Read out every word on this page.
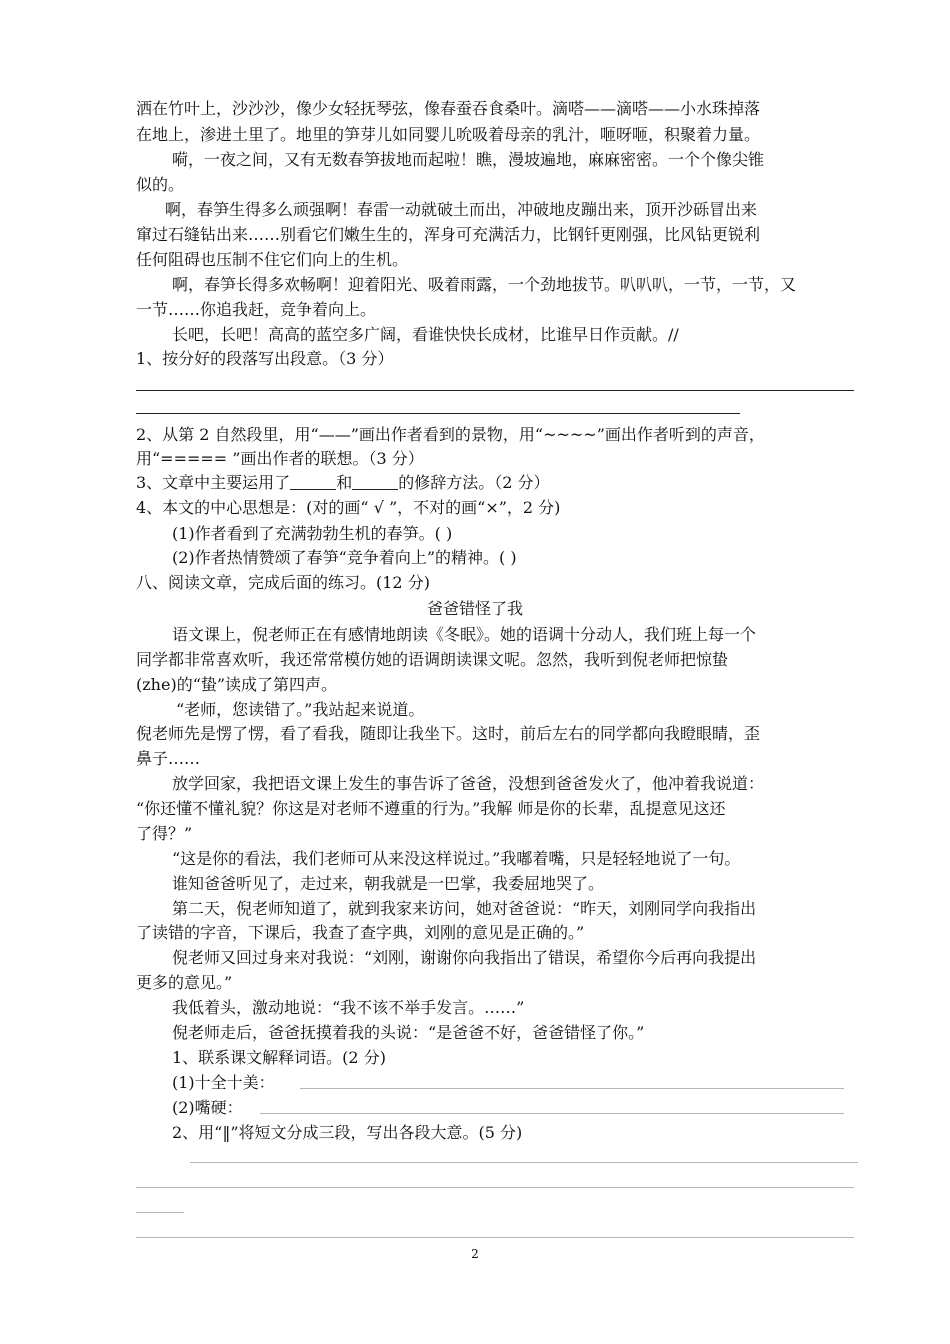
洒在竹叶上，沙沙沙，像少女轻抚琴弦，像春蚕吞食桑叶。滴嗒——滴嗒——小水珠掉落
在地上，渗进土里了。地里的笋芽儿如同婴儿吮吸着母亲的乳汁，咂呀咂，积聚着力量。
嗬，一夜之间，又有无数春笋拔地而起啦！瞧，漫坡遍地，麻麻密密。一个个像尖锥
似的。
啊，春笋生得多么顽强啊！春雷一动就破土而出，冲破地皮蹦出来，顶开沙砾冒出来
窜过石缝钻出来……别看它们嫩生生的，浑身可充满活力，比钢钎更刚强，比风钻更锐利
任何阻碍也压制不住它们向上的生机。
啊，春笋长得多欢畅啊！迎着阳光、吸着雨露，一个劲地拔节。叭叭叭，一节，一节，又
一节……你追我赶，竞争着向上。
长吧，长吧！高高的蓝空多广阔，看谁快快长成材，比谁早日作贡献。//
1、按分好的段落写出段意。（3 分）
2、从第 2 自然段里，用“——”画出作者看到的景物，用“~~~~”画出作者听到的声音，
用“===== ”画出作者的联想。（3 分）
3、文章中主要运用了	和	的修辞方法。（2 分）
4、本文的中心思想是：(对的画“ √ ”，不对的画“×”，2 分)
(1)作者看到了充满勃勃生机的春笋。( )
(2)作者热情赞颂了春笋“竞争着向上”的精神。( )
八、阅读文章，完成后面的练习。(12 分)
爸爸错怪了我
语文课上，倪老师正在有感情地朗读《冬眠》。她的语调十分动人，我们班上每一个
同学都非常喜欢听，我还常常模仿她的语调朗读课文呢。忽然，我听到倪老师把惊蛰
(zhe)的“蛰”读成了第四声。
“老师，您读错了。”我站起来说道。
倪老师先是愣了愣，看了看我，随即让我坐下。这时，前后左右的同学都向我瞪眼睛，歪
鼻子……
放学回家，我把语文课上发生的事告诉了爸爸，没想到爸爸发火了，他冲着我说道：
“你还懂不懂礼貌？你这是对老师不遵重的行为。”我解 师是你的长辈，乱提意见这还
了得？”
“这是你的看法，我们老师可从来没这样说过。”我嘟着嘴，只是轻轻地说了一句。
谁知爸爸听见了，走过来，朝我就是一巴掌，我委屈地哭了。
第二天，倪老师知道了，就到我家来访问，她对爸爸说：“昨天，刘刚同学向我指出
了读错的字音，下课后，我查了查字典，刘刚的意见是正确的。”
倪老师又回过身来对我说：“刘刚，谢谢你向我指出了错误，希望你今后再向我提出
更多的意见。”
我低着头，激动地说：“我不该不举手发言。……”
倪老师走后，爸爸抚摸着我的头说：“是爸爸不好，爸爸错怪了你。”
1、联系课文解释词语。(2 分)
(1)十全十美：
(2)嘴硬：
2、用“‖”将短文分成三段，写出各段大意。(5 分)
2
